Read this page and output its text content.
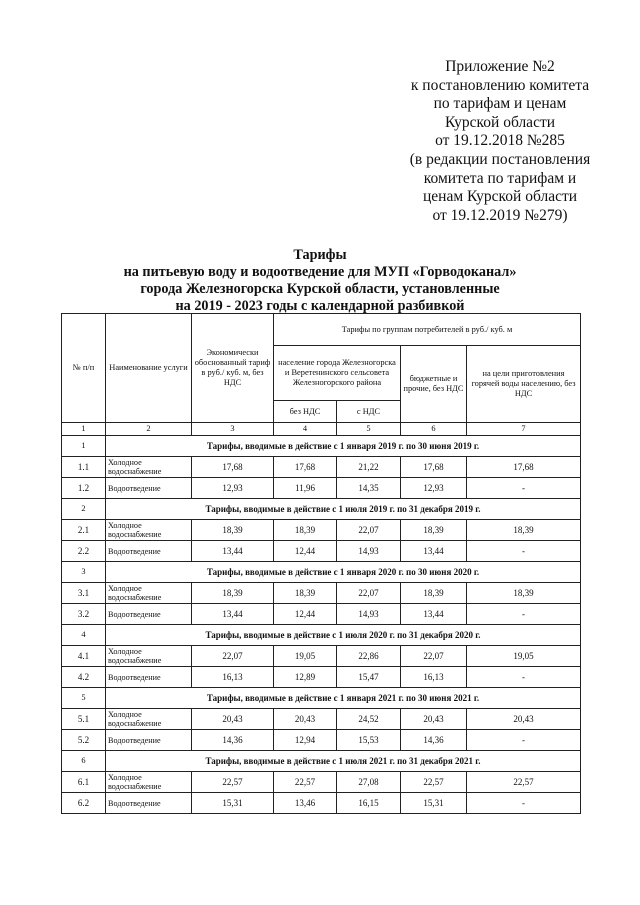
Приложение №2
к постановлению комитета
по тарифам и ценам
Курской области
от 19.12.2018 №285
(в редакции постановления
комитета по тарифам и
ценам Курской области
от 19.12.2019 №279)
Тарифы
на питьевую воду и водоотведение для МУП «Горводоканал»
города Железногорска Курской области, установленные
на 2019 - 2023 годы с календарной разбивкой
№ п/п	Наименование услуги	Экономически обоснованный тариф в руб./ куб. м, без НДС	Тарифы по группам потребителей в руб./ куб. м			
			население города Железногорска и Веретенинского сельсовета Железногорского района		бюджетные и прочие, без НДС	на цели приготовления горячей воды населению, без НДС
			без НДС	с НДС		
1	2	3	4	5	6	7
1	Тарифы, вводимые в действие с 1 января 2019 г. по 30 июня 2019 г.					
1.1	Холодное водоснабжение	17,68	17,68	21,22	17,68	17,68
1.2	Водоотведение	12,93	11,96	14,35	12,93	-
2	Тарифы, вводимые в действие с 1 июля 2019 г. по 31 декабря 2019 г.					
2.1	Холодное водоснабжение	18,39	18,39	22,07	18,39	18,39
2.2	Водоотведение	13,44	12,44	14,93	13,44	-
3	Тарифы, вводимые в действие с 1 января 2020 г. по 30 июня 2020 г.					
3.1	Холодное водоснабжение	18,39	18,39	22,07	18,39	18,39
3.2	Водоотведение	13,44	12,44	14,93	13,44	-
4	Тарифы, вводимые в действие с 1 июля 2020 г. по 31 декабря 2020 г.					
4.1	Холодное водоснабжение	22,07	19,05	22,86	22,07	19,05
4.2	Водоотведение	16,13	12,89	15,47	16,13	-
5	Тарифы, вводимые в действие с 1 января 2021 г. по 30 июня 2021 г.					
5.1	Холодное водоснабжение	20,43	20,43	24,52	20,43	20,43
5.2	Водоотведение	14,36	12,94	15,53	14,36	-
6	Тарифы, вводимые в действие с 1 июля 2021 г. по 31 декабря 2021 г.					
6.1	Холодное водоснабжение	22,57	22,57	27,08	22,57	22,57
6.2	Водоотведение	15,31	13,46	16,15	15,31	-
